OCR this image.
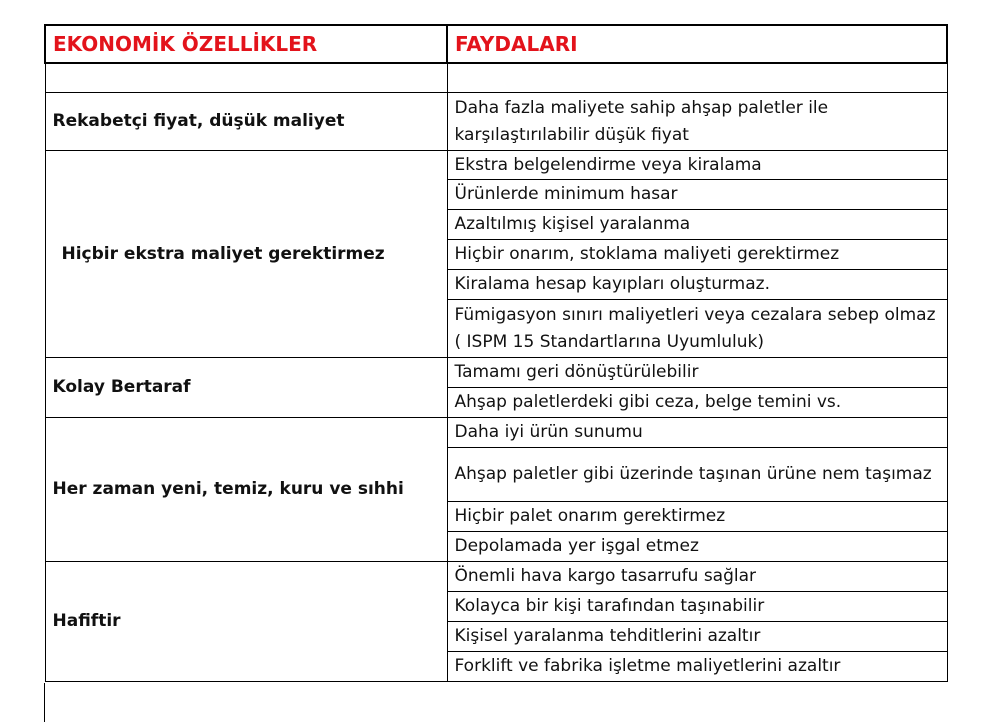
EKONOMİK ÖZELLİKLER	FAYDALARI

Rekabetçi fiyat, düşük maliyet	Daha fazla maliyete sahip ahşap paletler ile karşılaştırılabilir düşük fiyat
Hiçbir ekstra maliyet gerektirmez	Ekstra belgelendirme veya kiralama
	Ürünlerde minimum hasar
	Azaltılmış kişisel yaralanma
	Hiçbir onarım, stoklama maliyeti gerektirmez
	Kiralama hesap kayıpları oluşturmaz.
	Fümigasyon sınırı maliyetleri veya cezalara sebep olmaz ( ISPM 15 Standartlarına Uyumluluk)
Kolay Bertaraf	Tamamı geri dönüştürülebilir
	Ahşap paletlerdeki gibi ceza, belge temini vs.
Her zaman yeni, temiz, kuru ve sıhhi	Daha iyi ürün sunumu
	Ahşap paletler gibi üzerinde taşınan ürüne nem taşımaz
	Hiçbir palet onarım gerektirmez
	Depolamada yer işgal etmez
Hafiftir	Önemli hava kargo tasarrufu sağlar
	Kolayca bir kişi tarafından taşınabilir
	Kişisel yaralanma tehditlerini azaltır
	Forklift ve fabrika işletme maliyetlerini azaltır
